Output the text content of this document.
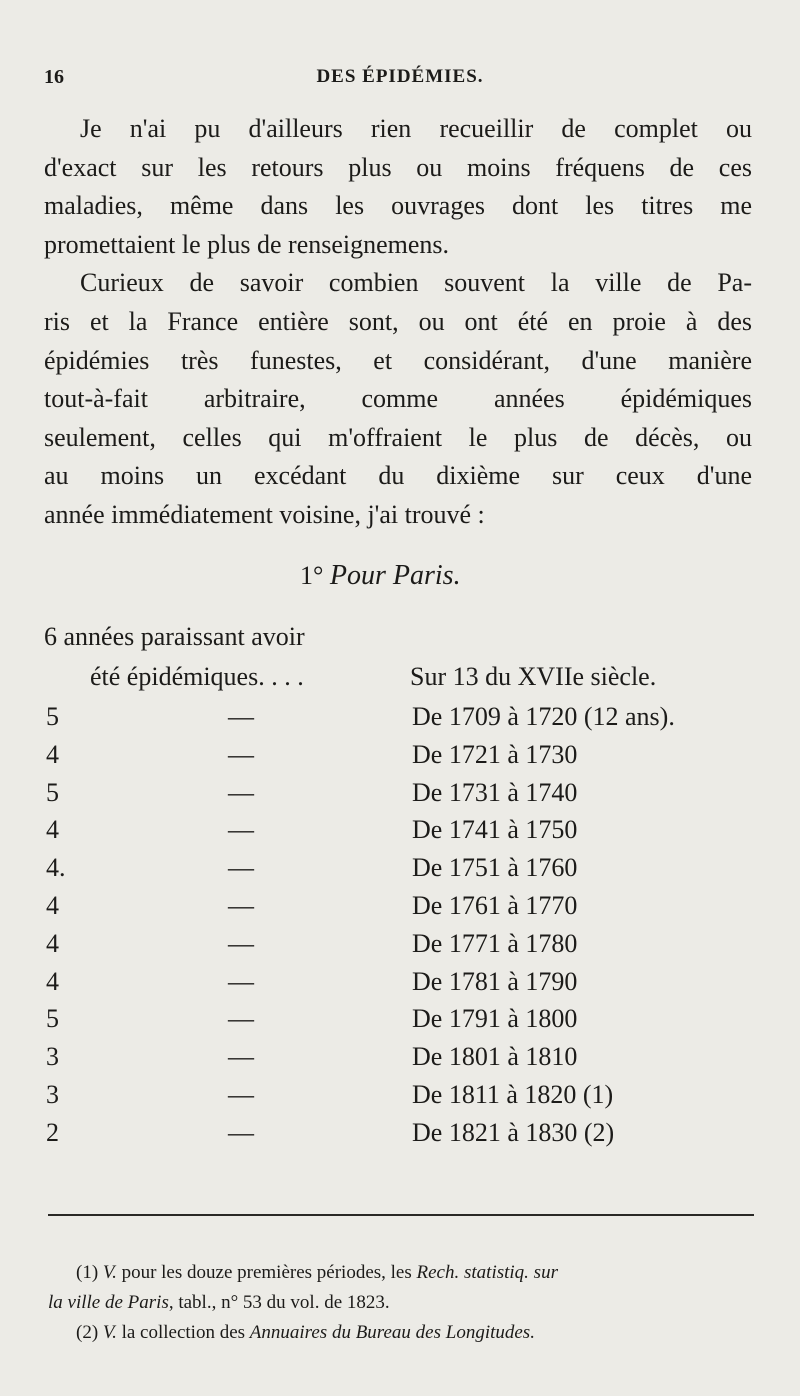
16	DES ÉPIDÉMIES.

Je n'ai pu d'ailleurs rien recueillir de complet ou
d'exact sur les retours plus ou moins fréquens de ces
maladies, même dans les ouvrages dont les titres me
promettaient le plus de renseignemens.

Curieux de savoir combien souvent la ville de Pa-
ris et la France entière sont, ou ont été en proie à des
épidémies très funestes, et considérant, d'une manière
tout-à-fait arbitraire, comme années épidémiques
seulement, celles qui m'offraient le plus de décès, ou
au moins un excédant du dixième sur ceux d'une
année immédiatement voisine, j'ai trouvé :

1° Pour Paris.
6 années paraissant avoir
été épidémiques. . . .	Sur 13 du XVIIe siècle.
5	—	De 1709 à 1720 (12 ans).
4	—	De 1721 à 1730
5	—	De 1731 à 1740
4	—	De 1741 à 1750
4.	—	De 1751 à 1760
4	—	De 1761 à 1770
4	—	De 1771 à 1780
4	—	De 1781 à 1790
5	—	De 1791 à 1800
3	—	De 1801 à 1810
3	—	De 1811 à 1820 (1)
2	—	De 1821 à 1830 (2)
(1) V. pour les douze premières périodes, les Rech. statistiq. sur
la ville de Paris, tabl., n° 53 du vol. de 1823.
(2) V. la collection des Annuaires du Bureau des Longitudes.
